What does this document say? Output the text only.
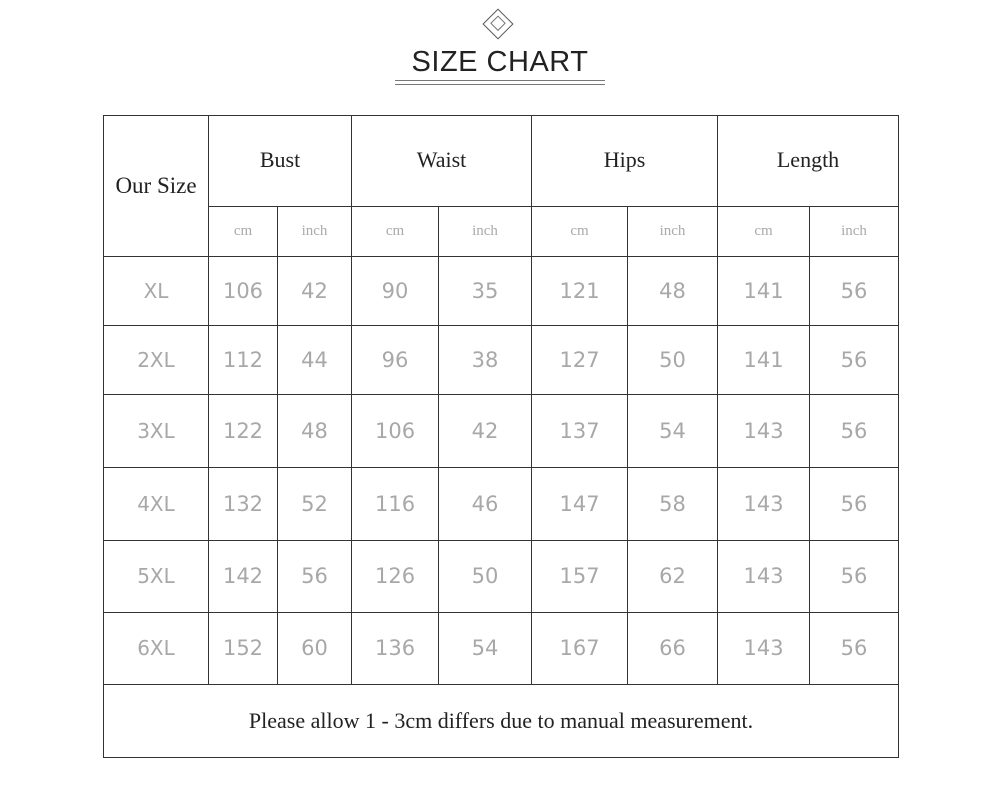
SIZE CHART
Our Size	Bust		Waist		Hips		Length	
	cm	inch	cm	inch	cm	inch	cm	inch
XL	106	42	90	35	121	48	141	56
2XL	112	44	96	38	127	50	141	56
3XL	122	48	106	42	137	54	143	56
4XL	132	52	116	46	147	58	143	56
5XL	142	56	126	50	157	62	143	56
6XL	152	60	136	54	167	66	143	56
Please allow 1 - 3cm differs due to manual measurement.								
